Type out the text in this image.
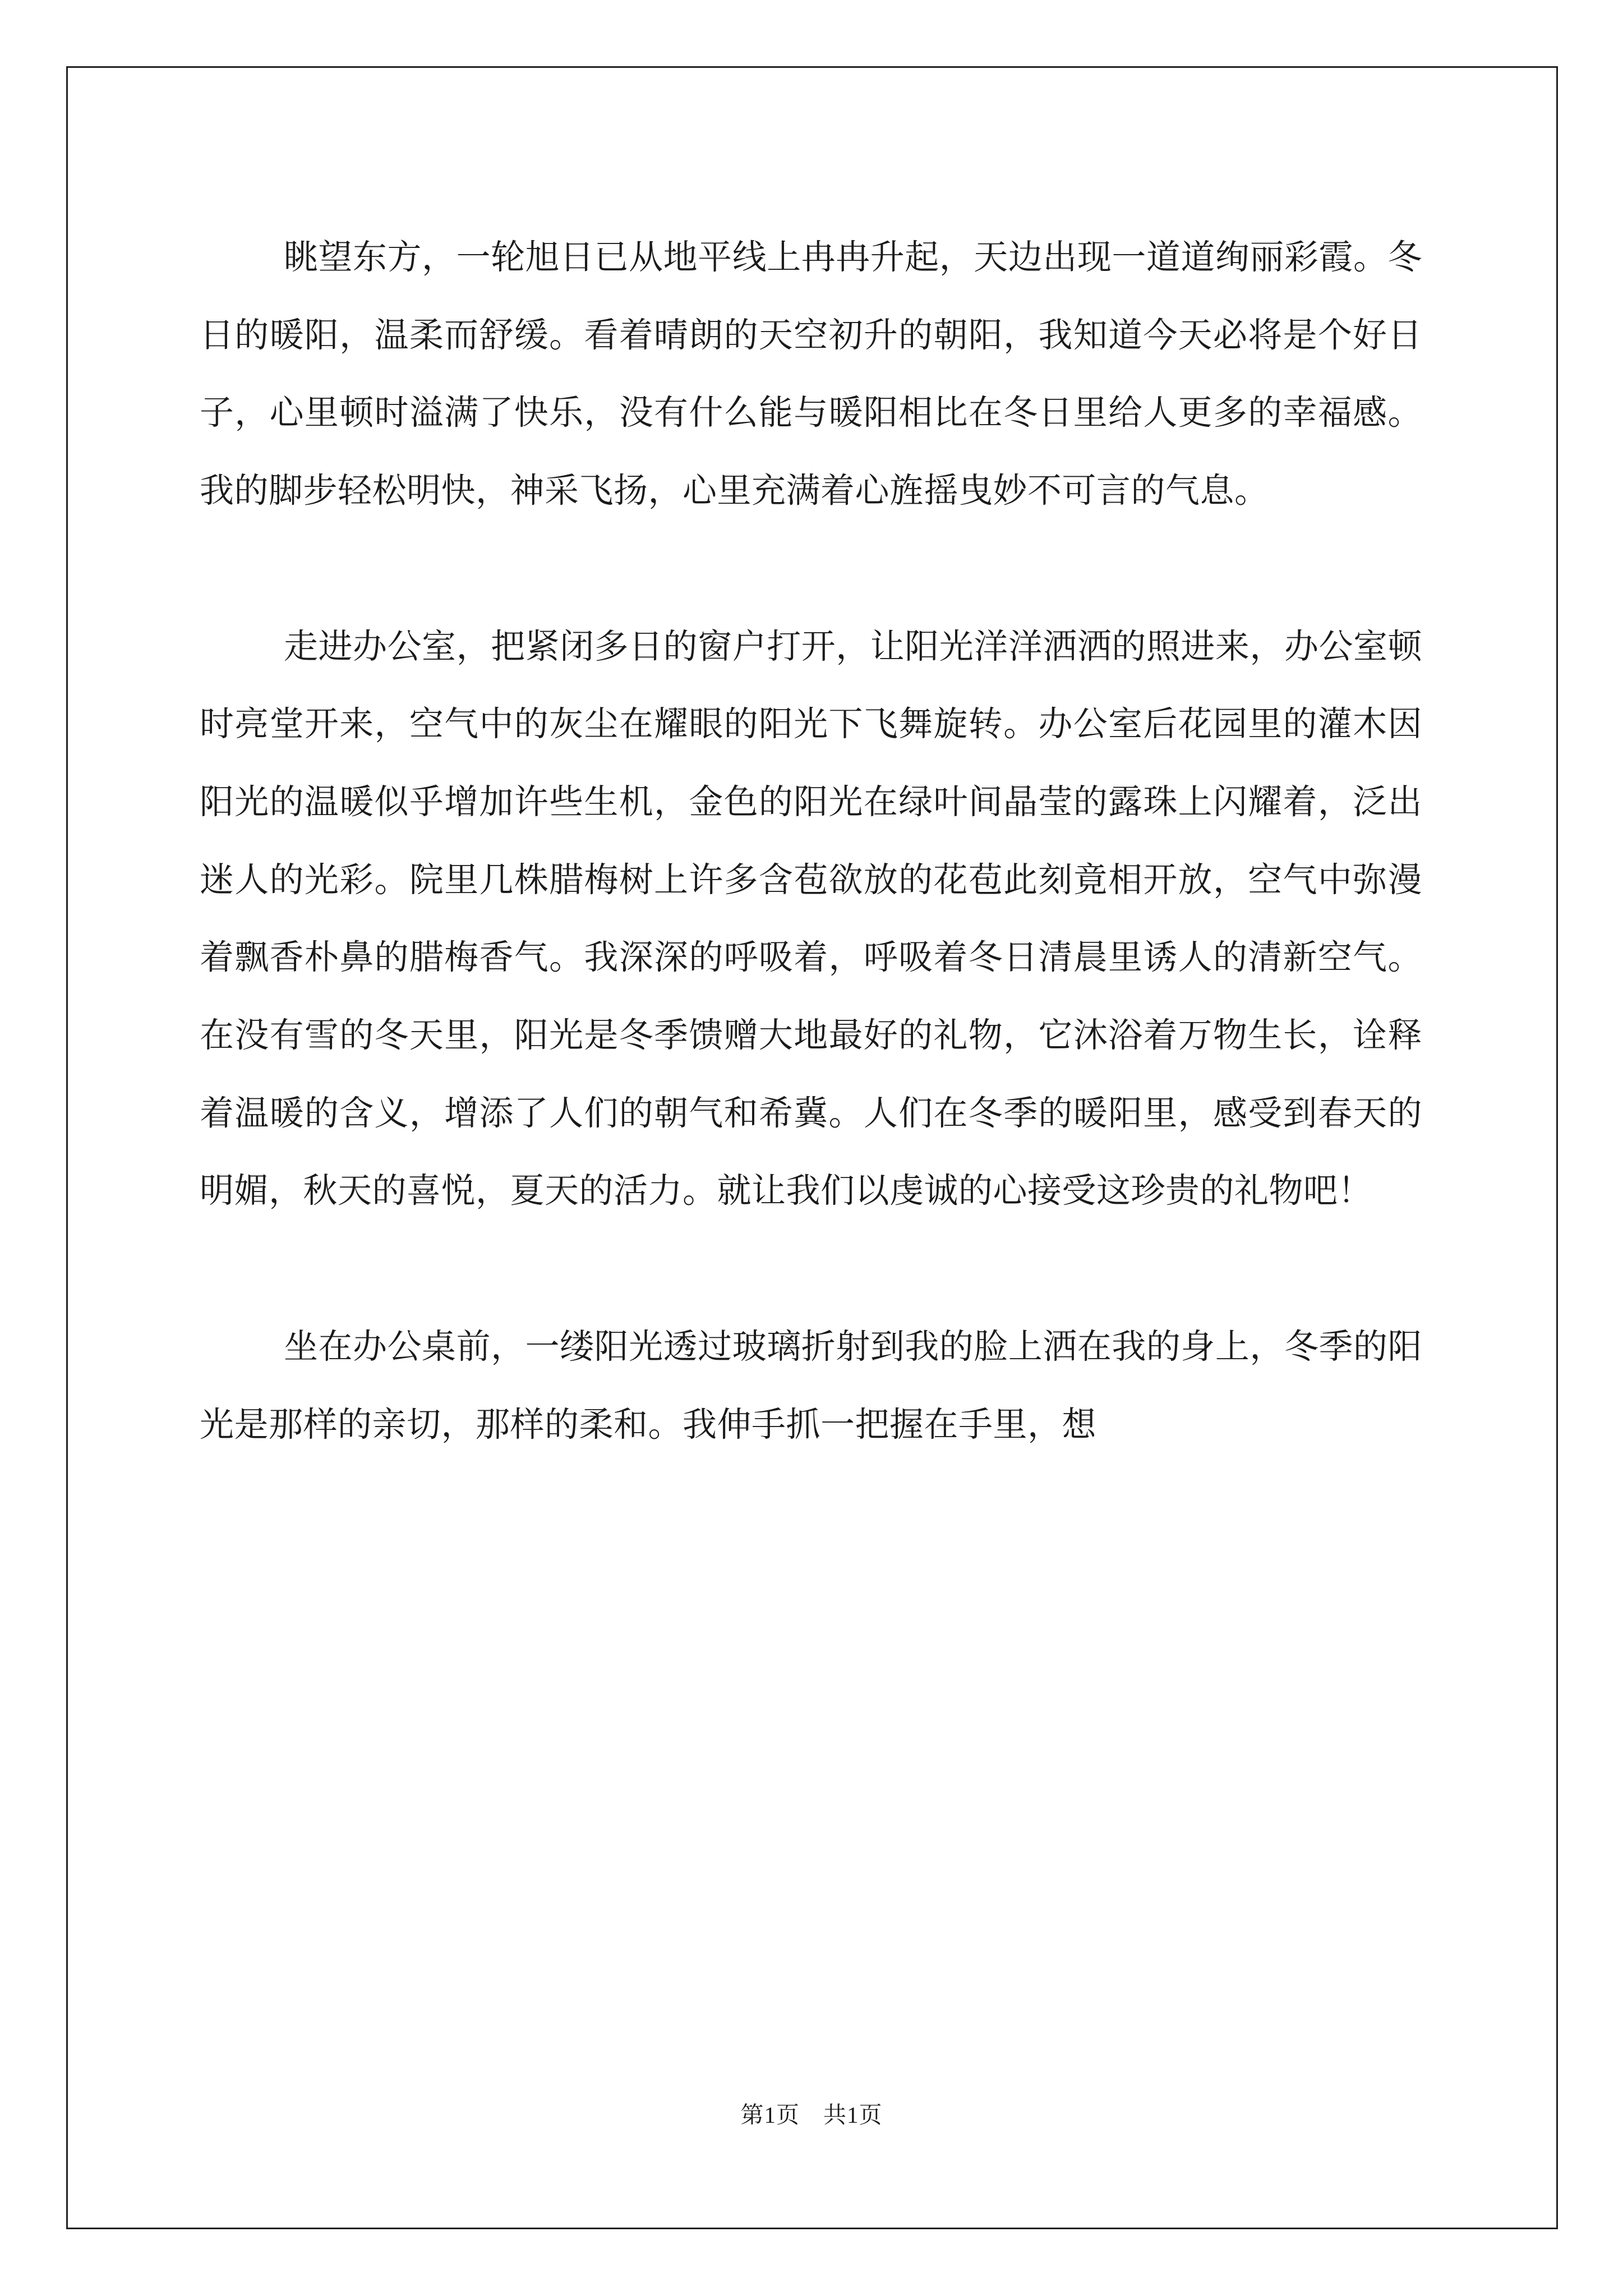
眺望东方，一轮旭日已从地平线上冉冉升起，天边出现一道道绚丽彩霞。冬日的暖阳，温柔而舒缓。看着晴朗的天空初升的朝阳，我知道今天必将是个好日子，心里顿时溢满了快乐，没有什么能与暖阳相比在冬日里给人更多的幸福感。我的脚步轻松明快，神采飞扬，心里充满着心旌摇曳妙不可言的气息。

走进办公室，把紧闭多日的窗户打开，让阳光洋洋洒洒的照进来，办公室顿时亮堂开来，空气中的灰尘在耀眼的阳光下飞舞旋转。办公室后花园里的灌木因阳光的温暖似乎增加许些生机，金色的阳光在绿叶间晶莹的露珠上闪耀着，泛出迷人的光彩。院里几株腊梅树上许多含苞欲放的花苞此刻竟相开放，空气中弥漫着飘香朴鼻的腊梅香气。我深深的呼吸着，呼吸着冬日清晨里诱人的清新空气。在没有雪的冬天里，阳光是冬季馈赠大地最好的礼物，它沐浴着万物生长，诠释着温暖的含义，增添了人们的朝气和希冀。人们在冬季的暖阳里，感受到春天的明媚，秋天的喜悦，夏天的活力。就让我们以虔诚的心接受这珍贵的礼物吧！

坐在办公桌前，一缕阳光透过玻璃折射到我的脸上洒在我的身上，冬季的阳光是那样的亲切，那样的柔和。我伸手抓一把握在手里，想

第1页　共1页
